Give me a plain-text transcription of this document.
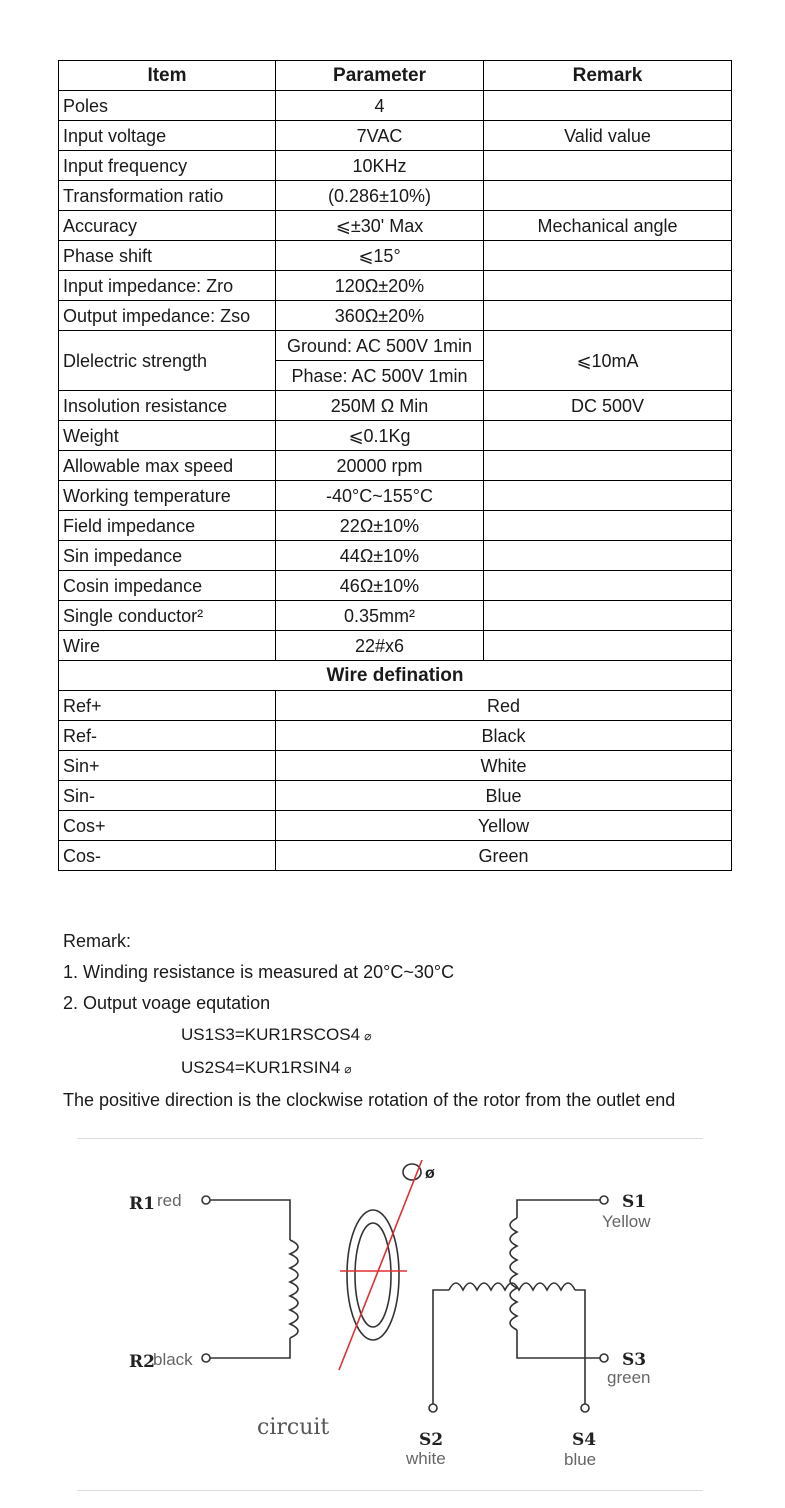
Item	Parameter	Remark
Poles	4	
Input voltage	7VAC	Valid value
Input frequency	10KHz	
Transformation ratio	(0.286±10%)	
Accuracy	⩽±30' Max	Mechanical angle
Phase shift	⩽15°	
Input impedance: Zro	120Ω±20%	
Output impedance: Zso	360Ω±20%	
Dlelectric strength	Ground: AC 500V 1min	⩽10mA
	Phase: AC 500V 1min	
Insolution resistance	250M Ω Min	DC 500V
Weight	⩽0.1Kg	
Allowable max speed	20000 rpm	
Working temperature	-40°C~155°C	
Field impedance	22Ω±10%	
Sin impedance	44Ω±10%	
Cosin impedance	46Ω±10%	
Single conductor²	0.35mm²	
Wire	22#x6	
Wire defination		
Ref+	Red	
Ref-	Black	
Sin+	White	
Sin-	Blue	
Cos+	Yellow	
Cos-	Green	
Remark:
1. Winding resistance is measured at 20°C~30°C
2. Output voage equtation
US1S3=KUR1RSCOS4 ⌀
US2S4=KUR1RSIN4 ⌀
The positive direction is the clockwise rotation of the rotor from the outlet end
R1 red
R2
black
ø
S1
Yellow
S3
green
S2
white
S4
blue
circuit
